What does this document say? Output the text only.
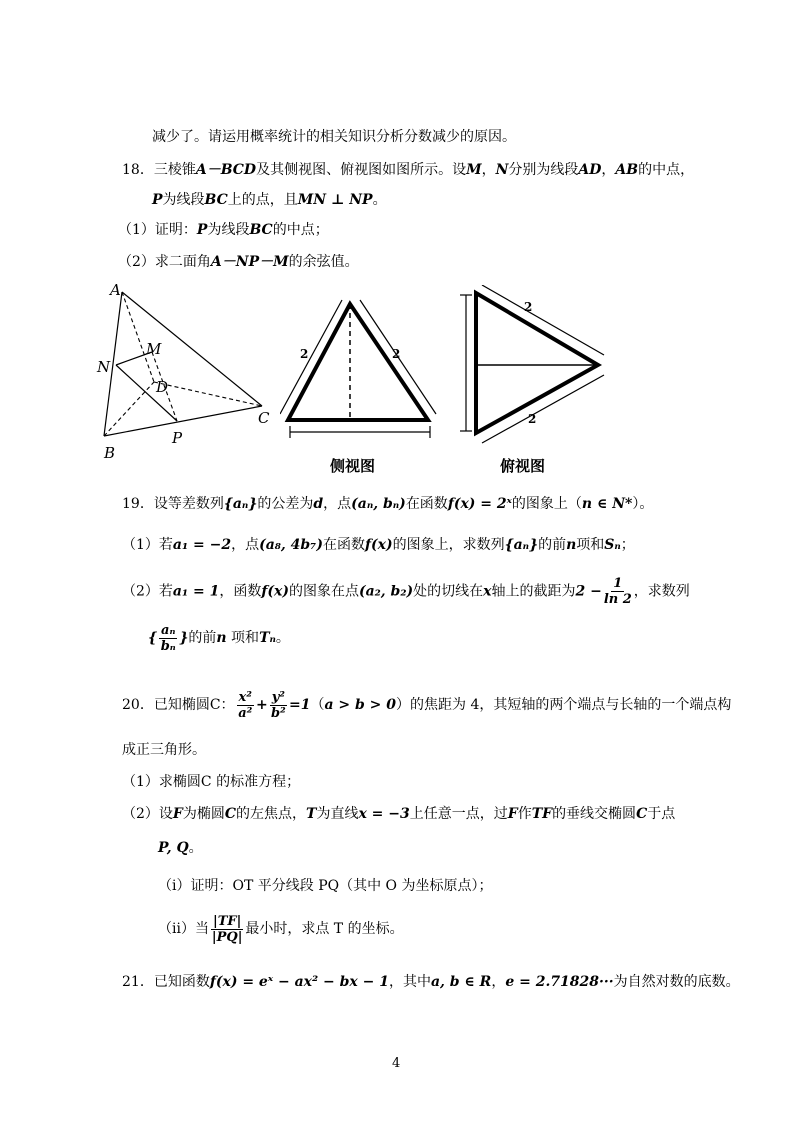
减少了。请运用概率统计的相关知识分析分数减少的原因。
18．三棱锥A－BCD及其侧视图、俯视图如图所示。设M，N分别为线段AD，AB的中点，
P为线段BC上的点，且MN ⊥ NP。
（1）证明：P为线段BC的中点；
（2）求二面角A－NP－M的余弦值。
A
B
C
D
M
N
P
2	2
侧视图
2
2
俯视图
19．设等差数列{aₙ}的公差为d，点(aₙ, bₙ)在函数f(x) = 2ˣ的图象上（n ∈ N*）。
（1）若a₁ = −2，点(a₈, 4b₇)在函数f(x)的图象上，求数列{aₙ}的前n项和Sₙ；
（2）若a₁ = 1，函数f(x)的图象在点(a₂, b₂)处的切线在x轴上的截距为$2 - \frac{1}{\ln 2}$ ，求数列
{ $\frac{\text{aₙ}}{\text{bₙ}}$ }的前n 项和Tₙ。
20．已知椭圆C： $\frac{\text{x²}}{\text{a²}} + \frac{\text{y²}}{\text{b²}} =1(a > b > 0)$的焦距为 4，其短轴的两个端点与长轴的一个端点构
成正三角形。
（1）求椭圆C 的标准方程；
（2）设F为椭圆C的左焦点，T为直线x = −3上任意一点，过F作TF的垂线交椭圆C于点
P, Q。
（ⅰ）证明：OT 平分线段 PQ（其中 O 为坐标原点）；
（ⅱ）当 $\frac{|TF|}{|PQ|}$ 最小时，求点 T 的坐标。
21．已知函数f(x) = eˣ − ax² − bx − 1，其中a, b ∈ R，e = 2.71828···为自然对数的底数。
4
